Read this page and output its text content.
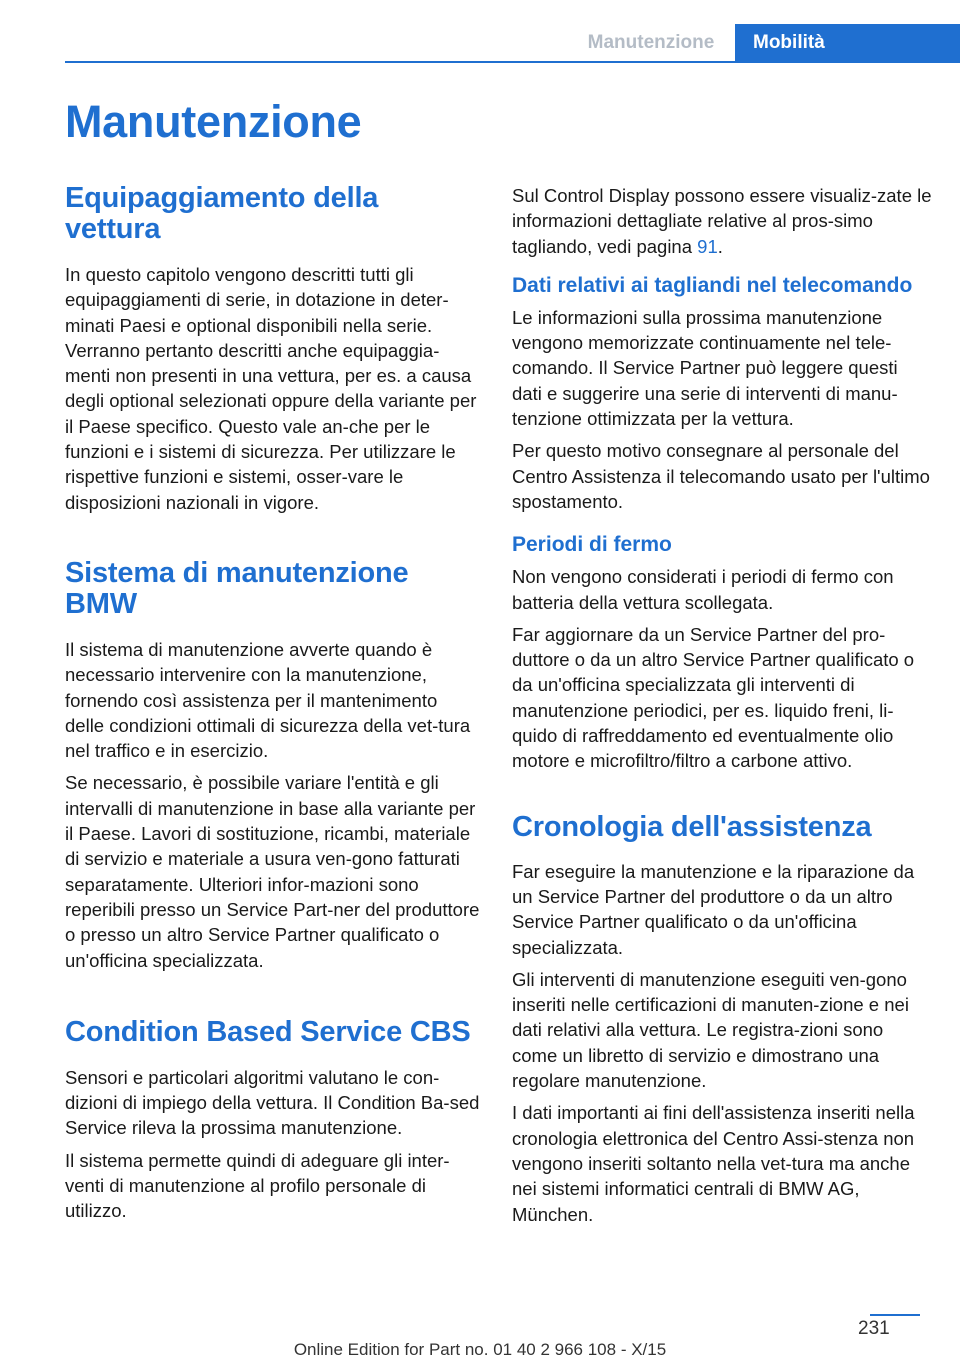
Manutenzione	Mobilità
Manutenzione
Equipaggiamento della vettura

In questo capitolo vengono descritti tutti gli equipaggiamenti di serie, in dotazione in deter-minati Paesi e optional disponibili nella serie. Verranno pertanto descritti anche equipaggia-menti non presenti in una vettura, per es. a causa degli optional selezionati oppure della variante per il Paese specifico. Questo vale an-che per le funzioni e i sistemi di sicurezza. Per utilizzare le rispettive funzioni e sistemi, osser-vare le disposizioni nazionali in vigore.

Sistema di manutenzione BMW

Il sistema di manutenzione avverte quando è necessario intervenire con la manutenzione, fornendo così assistenza per il mantenimento delle condizioni ottimali di sicurezza della vet-tura nel traffico e in esercizio.

Se necessario, è possibile variare l'entità e gli intervalli di manutenzione in base alla variante per il Paese. Lavori di sostituzione, ricambi, materiale di servizio e materiale a usura ven-gono fatturati separatamente. Ulteriori infor-mazioni sono reperibili presso un Service Part-ner del produttore o presso un altro Service Partner qualificato o un'officina specializzata.

Condition Based Service CBS

Sensori e particolari algoritmi valutano le con-dizioni di impiego della vettura. Il Condition Ba-sed Service rileva la prossima manutenzione.

Il sistema permette quindi di adeguare gli inter-venti di manutenzione al profilo personale di utilizzo.

Sul Control Display possono essere visualiz-zate le informazioni dettagliate relative al pros-simo tagliando, vedi pagina 91.

Dati relativi ai tagliandi nel telecomando

Le informazioni sulla prossima manutenzione vengono memorizzate continuamente nel tele-comando. Il Service Partner può leggere questi dati e suggerire una serie di interventi di manu-tenzione ottimizzata per la vettura.

Per questo motivo consegnare al personale del Centro Assistenza il telecomando usato per l'ultimo spostamento.

Periodi di fermo

Non vengono considerati i periodi di fermo con batteria della vettura scollegata.

Far aggiornare da un Service Partner del pro-duttore o da un altro Service Partner qualificato o da un'officina specializzata gli interventi di manutenzione periodici, per es. liquido freni, li-quido di raffreddamento ed eventualmente olio motore e microfiltro/filtro a carbone attivo.

Cronologia dell'assistenza

Far eseguire la manutenzione e la riparazione da un Service Partner del produttore o da un altro Service Partner qualificato o da un'officina specializzata.

Gli interventi di manutenzione eseguiti ven-gono inseriti nelle certificazioni di manuten-zione e nei dati relativi alla vettura. Le registra-zioni sono come un libretto di servizio e dimostrano una regolare manutenzione.

I dati importanti ai fini dell'assistenza inseriti nella cronologia elettronica del Centro Assi-stenza non vengono inseriti soltanto nella vet-tura ma anche nei sistemi informatici centrali di BMW AG, München.

231
Online Edition for Part no. 01 40 2 966 108 - X/15
